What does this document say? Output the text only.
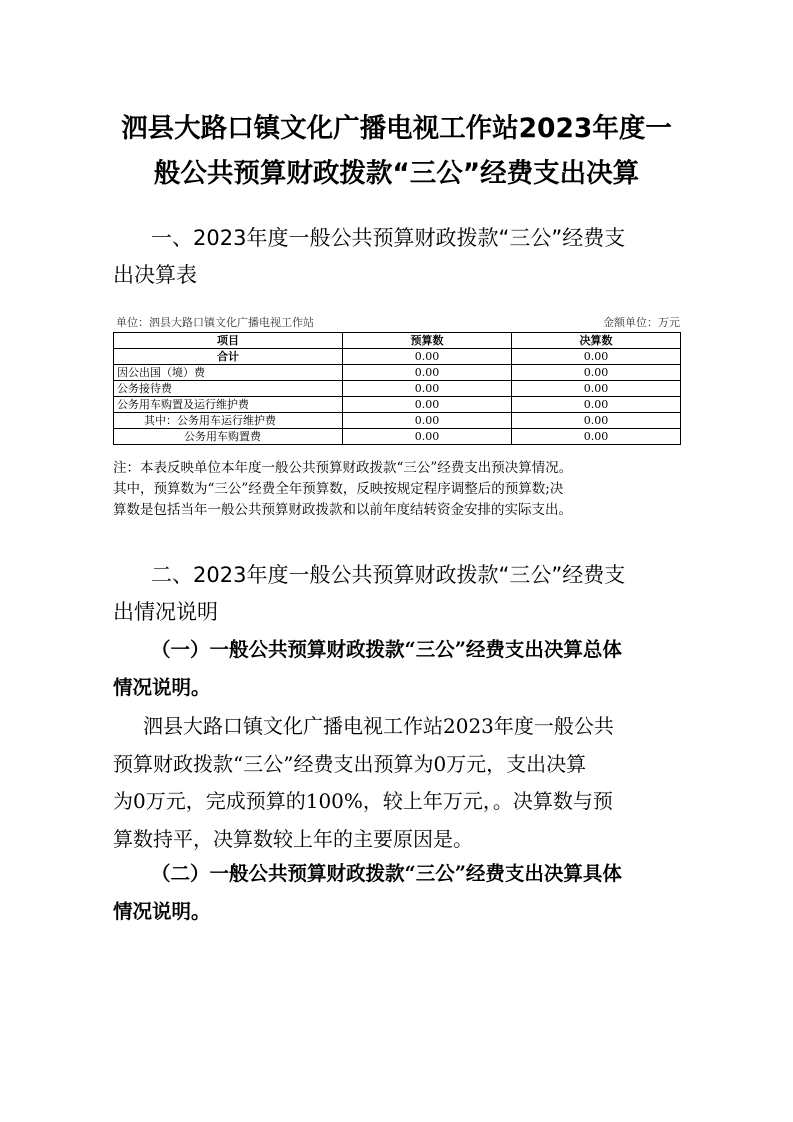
泗县大路口镇文化广播电视工作站2023年度一
般公共预算财政拨款“三公”经费支出决算
一、2023年度一般公共预算财政拨款“三公”经费支
出决算表
单位：泗县大路口镇文化广播电视工作站	金额单位：万元
项目	预算数	决算数
合计	0.00	0.00
因公出国（境）费	0.00	0.00
公务接待费	0.00	0.00
公务用车购置及运行维护费	0.00	0.00
其中：公务用车运行维护费	0.00	0.00
公务用车购置费	0.00	0.00
注：本表反映单位本年度一般公共预算财政拨款“三公”经费支出预决算情况。
其中，预算数为“三公”经费全年预算数，反映按规定程序调整后的预算数;决
算数是包括当年一般公共预算财政拨款和以前年度结转资金安排的实际支出。
二、2023年度一般公共预算财政拨款“三公”经费支
出情况说明
（一）一般公共预算财政拨款“三公”经费支出决算总体
情况说明。
泗县大路口镇文化广播电视工作站2023年度一般公共
预算财政拨款“三公”经费支出预算为0万元，支出决算
为0万元，完成预算的100%，较上年万元，。决算数与预
算数持平，决算数较上年的主要原因是。
（二）一般公共预算财政拨款“三公”经费支出决算具体
情况说明。
